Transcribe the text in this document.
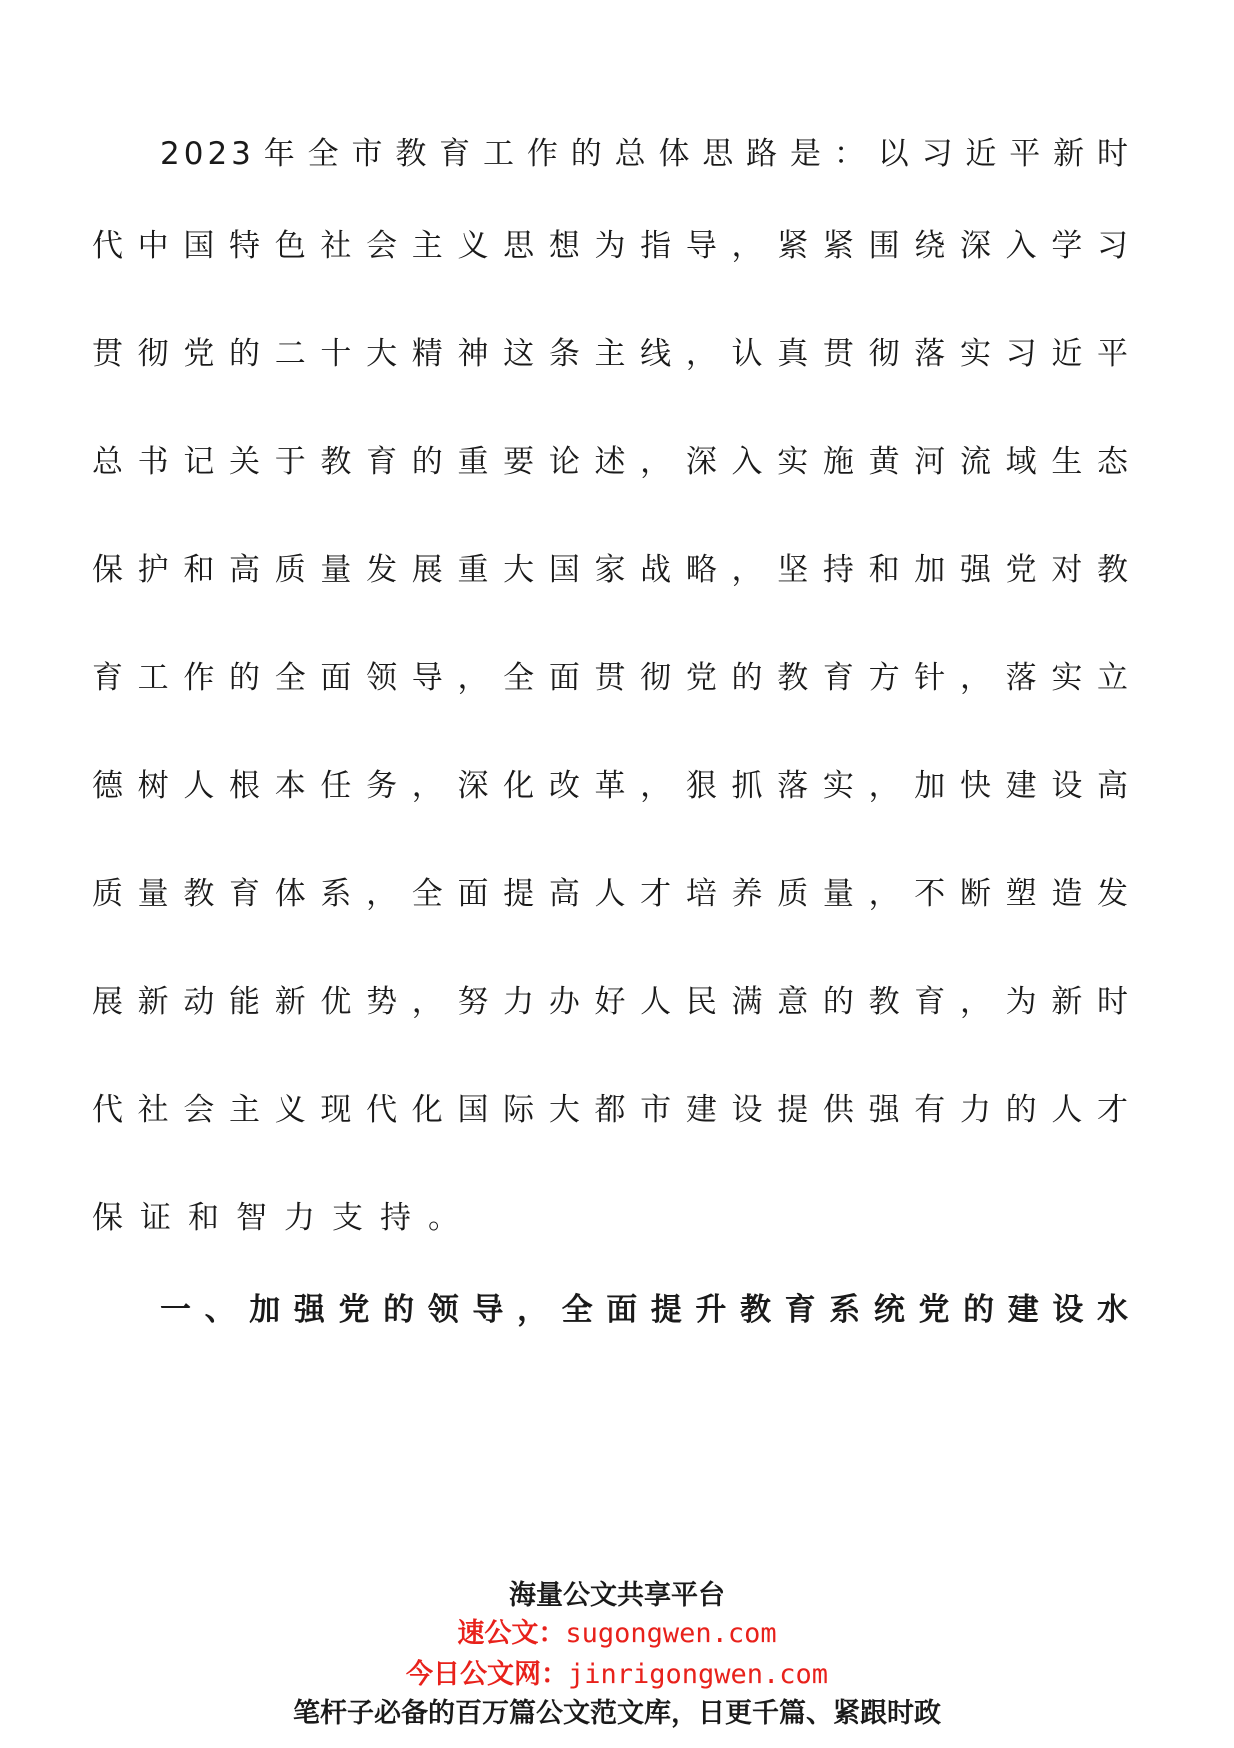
2023年全市教育工作的总体思路是：以习近平新时
代中国特色社会主义思想为指导，紧紧围绕深入学习
贯彻党的二十大精神这条主线，认真贯彻落实习近平
总书记关于教育的重要论述，深入实施黄河流域生态
保护和高质量发展重大国家战略，坚持和加强党对教
育工作的全面领导，全面贯彻党的教育方针，落实立
德树人根本任务，深化改革，狠抓落实，加快建设高
质量教育体系，全面提高人才培养质量，不断塑造发
展新动能新优势，努力办好人民满意的教育，为新时
代社会主义现代化国际大都市建设提供强有力的人才
保证和智力支持。
一、加强党的领导，全面提升教育系统党的建设水
海量公文共享平台
速公文：sugongwen.com
今日公文网：jinrigongwen.com
笔杆子必备的百万篇公文范文库，日更千篇、紧跟时政
